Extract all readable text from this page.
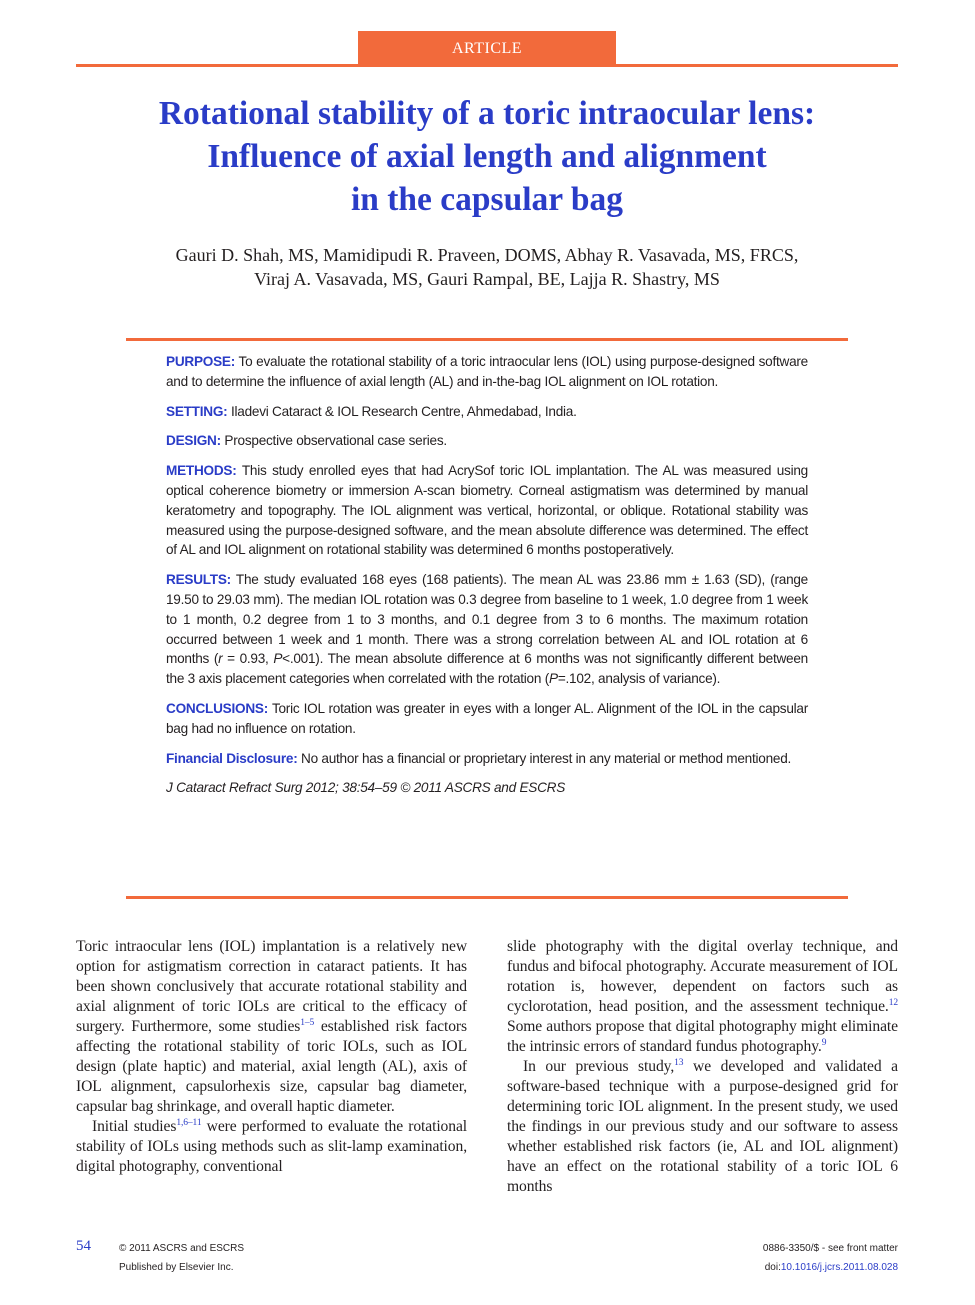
ARTICLE
Rotational stability of a toric intraocular lens:
Influence of axial length and alignment
in the capsular bag
Gauri D. Shah, MS, Mamidipudi R. Praveen, DOMS, Abhay R. Vasavada, MS, FRCS,
Viraj A. Vasavada, MS, Gauri Rampal, BE, Lajja R. Shastry, MS

PURPOSE: To evaluate the rotational stability of a toric intraocular lens (IOL) using purpose-designed software and to determine the influence of axial length (AL) and in-the-bag IOL alignment on IOL rotation.

SETTING: Iladevi Cataract & IOL Research Centre, Ahmedabad, India.

DESIGN: Prospective observational case series.

METHODS: This study enrolled eyes that had AcrySof toric IOL implantation. The AL was measured using optical coherence biometry or immersion A-scan biometry. Corneal astigmatism was determined by manual keratometry and topography. The IOL alignment was vertical, horizontal, or oblique. Rotational stability was measured using the purpose-designed software, and the mean absolute difference was determined. The effect of AL and IOL alignment on rotational stability was determined 6 months postoperatively.

RESULTS: The study evaluated 168 eyes (168 patients). The mean AL was 23.86 mm ± 1.63 (SD), (range 19.50 to 29.03 mm). The median IOL rotation was 0.3 degree from baseline to 1 week, 1.0 degree from 1 week to 1 month, 0.2 degree from 1 to 3 months, and 0.1 degree from 3 to 6 months. The maximum rotation occurred between 1 week and 1 month. There was a strong correlation between AL and IOL rotation at 6 months (r = 0.93, P<.001). The mean absolute difference at 6 months was not significantly different between the 3 axis placement categories when correlated with the rotation (P=.102, analysis of variance).

CONCLUSIONS: Toric IOL rotation was greater in eyes with a longer AL. Alignment of the IOL in the capsular bag had no influence on rotation.

Financial Disclosure: No author has a financial or proprietary interest in any material or method mentioned.

J Cataract Refract Surg 2012; 38:54–59 © 2011 ASCRS and ESCRS

Toric intraocular lens (IOL) implantation is a relatively new option for astigmatism correction in cataract patients. It has been shown conclusively that accurate rotational stability and axial alignment of toric IOLs are critical to the efficacy of surgery. Furthermore, some studies$^{1-5}$ established risk factors affecting the rotational stability of toric IOLs, such as IOL design (plate haptic) and material, axial length (AL), axis of IOL alignment, capsulorhexis size, capsular bag diameter, capsular bag shrinkage, and overall haptic diameter.

Initial studies$^{1,6-11}$ were performed to evaluate the rotational stability of IOLs using methods such as slit-lamp examination, digital photography, conventional

slide photography with the digital overlay technique, and fundus and bifocal photography. Accurate measurement of IOL rotation is, however, dependent on factors such as cyclorotation, head position, and the assessment technique.$^{12}$ Some authors propose that digital photography might eliminate the intrinsic errors of standard fundus photography.$^9$

In our previous study,$^{13}$ we developed and validated a software-based technique with a purpose-designed grid for determining toric IOL alignment. In the present study, we used the findings in our previous study and our software to assess whether established risk factors (ie, AL and IOL alignment) have an effect on the rotational stability of a toric IOL 6 months

54	© 2011 ASCRS and ESCRS
Published by Elsevier Inc.
0886-3350/$ - see front matter
doi:10.1016/j.jcrs.2011.08.028
